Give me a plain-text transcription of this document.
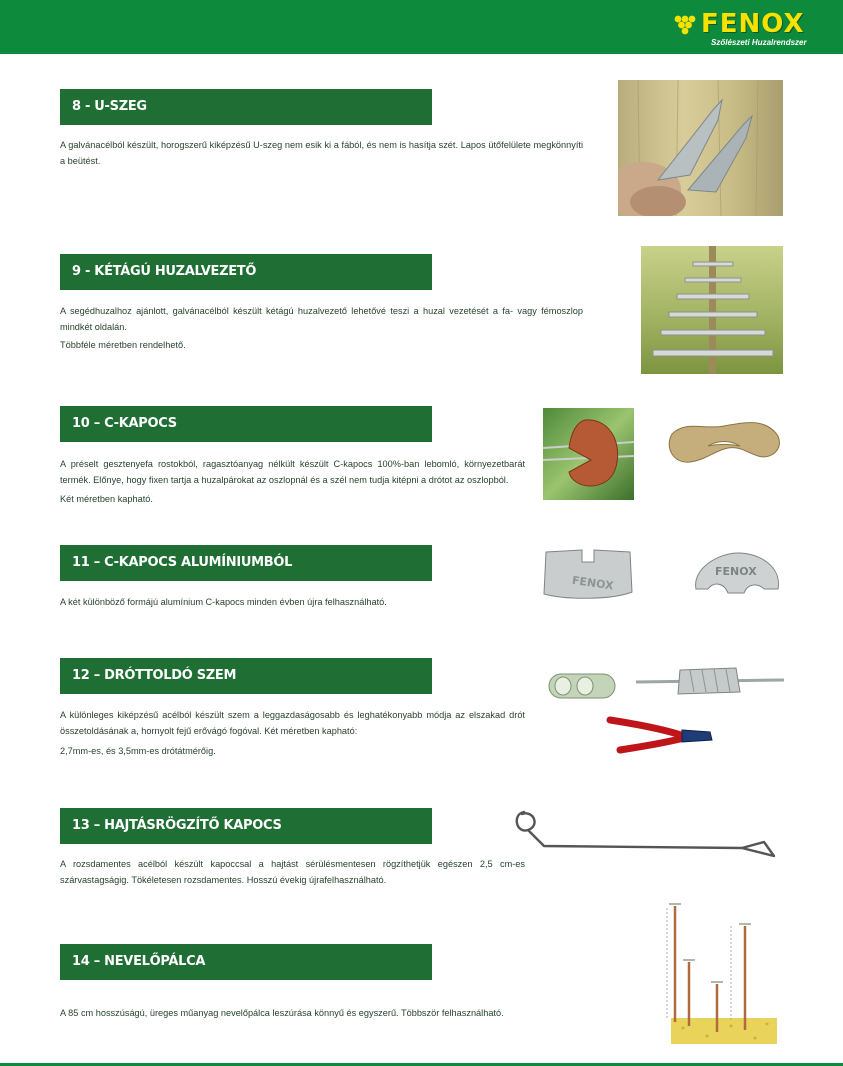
FENOX
Szőlészeti Huzalrendszer
8 - U-SZEG

A galvánacélból készült, horogszerű kiképzésű U-szeg nem esik ki a fából, és nem is hasítja szét. Lapos ütőfelülete megkönnyíti a beütést.

9 - KÉTÁGÚ HUZALVEZETŐ

A segédhuzalhoz ajánlott, galvánacélból készült kétágú huzalvezető lehetővé teszi a huzal vezetését a fa- vagy fémoszlop mindkét oldalán.

Többféle méretben rendelhető.

10 – C-KAPOCS

A préselt gesztenyefa rostokból, ragasztóanyag nélkült készült C-kapocs 100%-ban lebomló, környezetbarát termék. Előnye, hogy fixen tartja a huzalpárokat az oszlopnál és a szél nem tudja kitépni a drótot az oszlopból.

Két méretben kapható.

11 – C-KAPOCS ALUMÍNIUMBÓL

A két különböző formájú alumínium C-kapocs minden évben újra felhasználható.

FENOX
FENOX
12 – DRÓTTOLDÓ SZEM

A különleges kiképzésű acélból készült szem a leggazdaságosabb és leghatékonyabb módja az elszakad drót összetoldásának a, hornyolt fejű erővágó fogóval. Két méretben kapható:

2,7mm-es, és 3,5mm-es drótátmérőig.

13 – HAJTÁSRÖGZÍTŐ KAPOCS

A rozsdamentes acélból készült kapoccsal a hajtást sérülésmentesen rögzíthetjük egészen 2,5 cm-es szárvastagságig. Tökéletesen rozsdamentes. Hosszú évekig újrafelhasználható.

14 – NEVELŐPÁLCA

A 85 cm hosszúságú, üreges műanyag nevelőpálca leszúrása könnyű és egyszerű. Többször felhasználható.
